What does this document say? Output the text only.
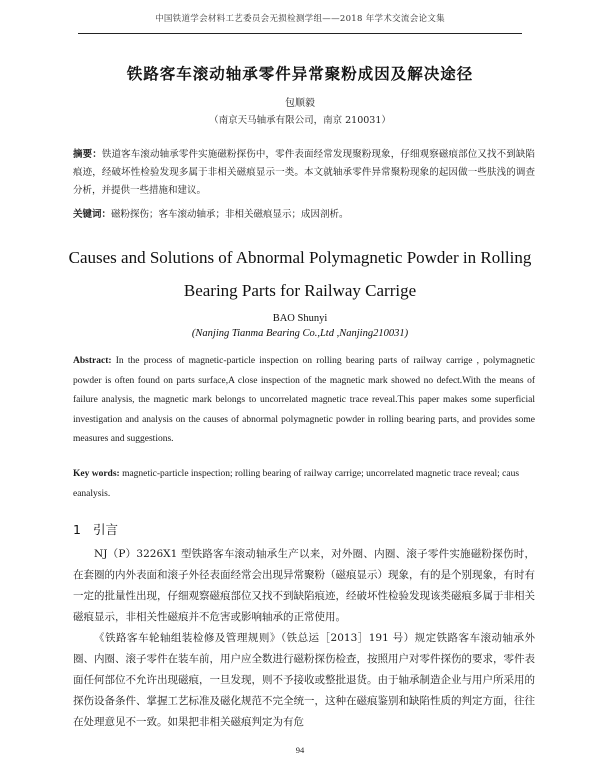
中国铁道学会材料工艺委员会无损检测学组——2018 年学术交流会论文集
铁路客车滚动轴承零件异常聚粉成因及解决途径
包顺毅
（南京天马轴承有限公司，南京 210031）
摘要：铁道客车滚动轴承零件实施磁粉探伤中，零件表面经常发现聚粉现象，仔细观察磁痕部位又找不到缺陷痕迹，经破坏性检验发现多属于非相关磁痕显示一类。本文就轴承零件异常聚粉现象的起因做一些肤浅的调查分析，并提供一些措施和建议。
关键词：磁粉探伤；客车滚动轴承；非相关磁痕显示；成因剖析。
Causes and Solutions of Abnormal Polymagnetic Powder in Rolling
Bearing Parts for Railway Carrige
BAO Shunyi
(Nanjing Tianma Bearing Co.,Ltd ,Nanjing210031)
Abstract: In the process of magnetic-particle inspection on rolling bearing parts of railway carrige , polymagnetic powder is often found on parts surface,A close inspection of the magnetic mark showed no defect.With the means of failure analysis, the magnetic mark belongs to uncorrelated magnetic trace reveal.This paper makes some superficial investigation and analysis on the causes of abnormal polymagnetic powder in rolling bearing parts, and provides some measures and suggestions.
Key words: magnetic-particle inspection; rolling bearing of railway carrige; uncorrelated magnetic trace reveal; caus eanalysis.
1 引言

NJ（P）3226X1 型铁路客车滚动轴承生产以来，对外圈、内圈、滚子零件实施磁粉探伤时，在套圈的内外表面和滚子外径表面经常会出现异常聚粉（磁痕显示）现象，有的是个别现象，有时有一定的批量性出现，仔细观察磁痕部位又找不到缺陷痕迹，经破坏性检验发现该类磁痕多属于非相关磁痕显示，非相关性磁痕并不危害或影响轴承的正常使用。

《铁路客车轮轴组装检修及管理规则》（铁总运［2013］191 号）规定铁路客车滚动轴承外圈、内圈、滚子零件在装车前，用户应全数进行磁粉探伤检查，按照用户对零件探伤的要求，零件表面任何部位不允许出现磁痕，一旦发现，则不予接收或整批退货。由于轴承制造企业与用户所采用的探伤设备条件、掌握工艺标准及磁化规范不完全统一，这种在磁痕鉴别和缺陷性质的判定方面，往往在处理意见不一致。如果把非相关磁痕判定为有危

94
